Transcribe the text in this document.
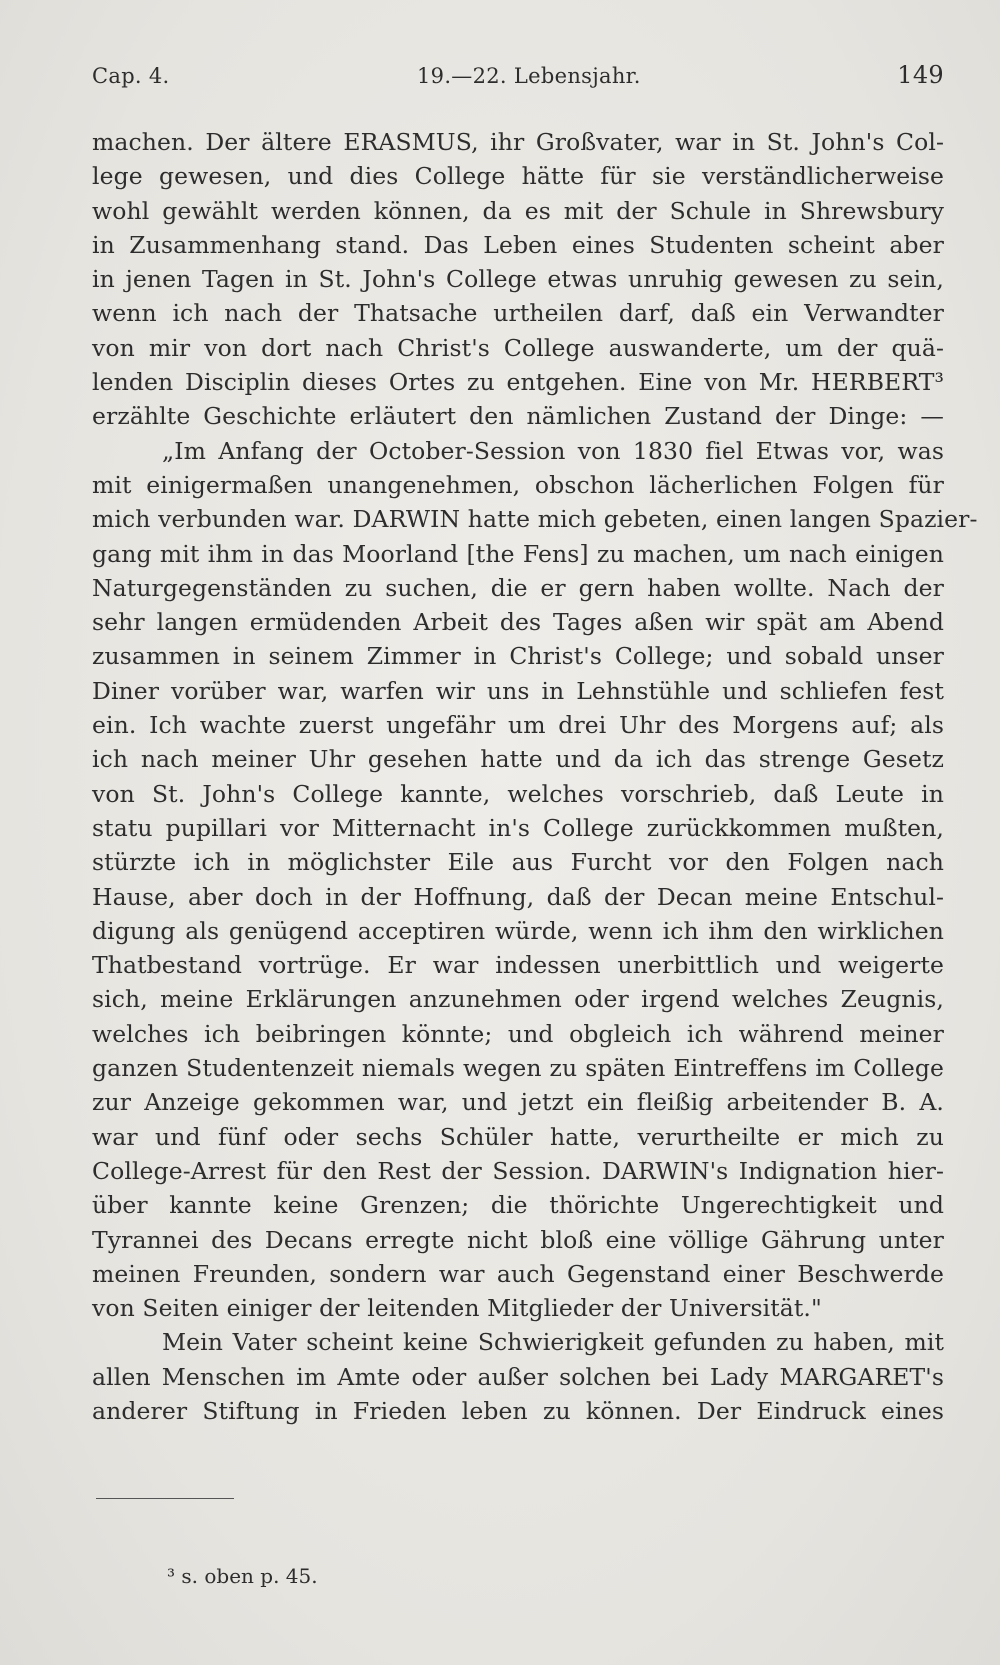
Cap. 4.	19.—22. Lebensjahr.	149
machen. Der ältere ERASMUS, ihr Großvater, war in St. John's Col-
lege gewesen, und dies College hätte für sie verständlicherweise
wohl gewählt werden können, da es mit der Schule in Shrewsbury
in Zusammenhang stand. Das Leben eines Studenten scheint aber
in jenen Tagen in St. John's College etwas unruhig gewesen zu sein,
wenn ich nach der Thatsache urtheilen darf, daß ein Verwandter
von mir von dort nach Christ's College auswanderte, um der quä-
lenden Disciplin dieses Ortes zu entgehen. Eine von Mr. HERBERT³
erzählte Geschichte erläutert den nämlichen Zustand der Dinge: —
„Im Anfang der October-Session von 1830 fiel Etwas vor, was
mit einigermaßen unangenehmen, obschon lächerlichen Folgen für
mich verbunden war. DARWIN hatte mich gebeten, einen langen Spazier-
gang mit ihm in das Moorland [the Fens] zu machen, um nach einigen
Naturgegenständen zu suchen, die er gern haben wollte. Nach der
sehr langen ermüdenden Arbeit des Tages aßen wir spät am Abend
zusammen in seinem Zimmer in Christ's College; und sobald unser
Diner vorüber war, warfen wir uns in Lehnstühle und schliefen fest
ein. Ich wachte zuerst ungefähr um drei Uhr des Morgens auf; als
ich nach meiner Uhr gesehen hatte und da ich das strenge Gesetz
von St. John's College kannte, welches vorschrieb, daß Leute in
statu pupillari vor Mitternacht in's College zurückkommen mußten,
stürzte ich in möglichster Eile aus Furcht vor den Folgen nach
Hause, aber doch in der Hoffnung, daß der Decan meine Entschul-
digung als genügend acceptiren würde, wenn ich ihm den wirklichen
Thatbestand vortrüge. Er war indessen unerbittlich und weigerte
sich, meine Erklärungen anzunehmen oder irgend welches Zeugnis,
welches ich beibringen könnte; und obgleich ich während meiner
ganzen Studentenzeit niemals wegen zu späten Eintreffens im College
zur Anzeige gekommen war, und jetzt ein fleißig arbeitender B. A.
war und fünf oder sechs Schüler hatte, verurtheilte er mich zu
College-Arrest für den Rest der Session. DARWIN's Indignation hier-
über kannte keine Grenzen; die thörichte Ungerechtigkeit und
Tyrannei des Decans erregte nicht bloß eine völlige Gährung unter
meinen Freunden, sondern war auch Gegenstand einer Beschwerde
von Seiten einiger der leitenden Mitglieder der Universität."
Mein Vater scheint keine Schwierigkeit gefunden zu haben, mit
allen Menschen im Amte oder außer solchen bei Lady MARGARET's
anderer Stiftung in Frieden leben zu können. Der Eindruck eines
³ s. oben p. 45.
